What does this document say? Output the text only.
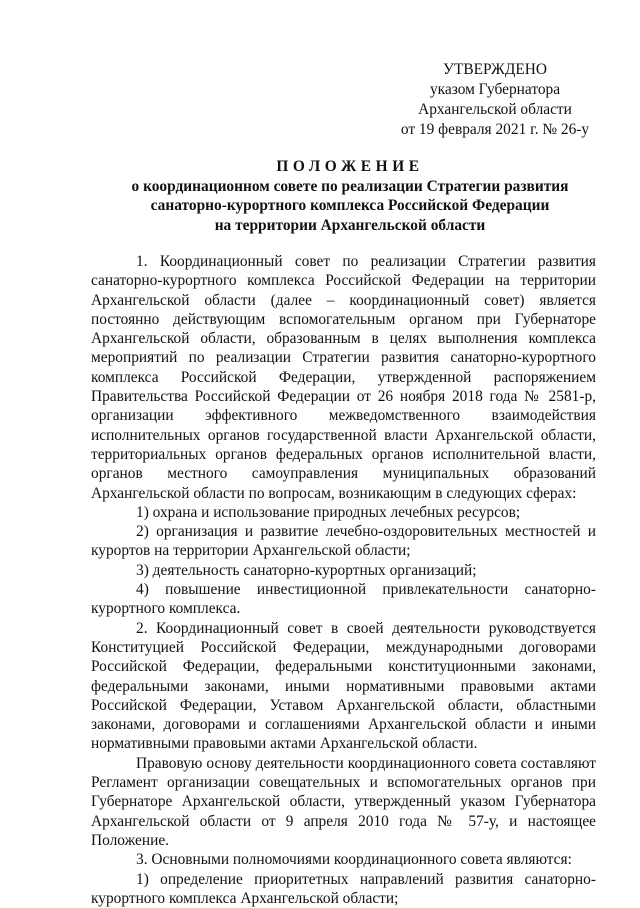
УТВЕРЖДЕНО
указом Губернатора
Архангельской области
от 19 февраля 2021 г. № 26-у
ПОЛОЖЕНИЕ
о координационном совете по реализации Стратегии развития
санаторно-курортного комплекса Российской Федерации
на территории Архангельской области

1. Координационный совет по реализации Стратегии развития санаторно-курортного комплекса Российской Федерации на территории Архангельской области (далее – координационный совет) является постоянно действующим вспомогательным органом при Губернаторе Архангельской области, образованным в целях выполнения комплекса мероприятий по реализации Стратегии развития санаторно-курортного комплекса Российской Федерации, утвержденной распоряжением Правительства Российской Федерации от 26 ноября 2018 года № 2581-р, организации эффективного межведомственного взаимодействия исполнительных органов государственной власти Архангельской области, территориальных органов федеральных органов исполнительной власти, органов местного самоуправления муниципальных образований Архангельской области по вопросам, возникающим в следующих сферах:

1) охрана и использование природных лечебных ресурсов;

2) организация и развитие лечебно-оздоровительных местностей и курортов на территории Архангельской области;

3) деятельность санаторно-курортных организаций;

4) повышение инвестиционной привлекательности санаторно-курортного комплекса.

2. Координационный совет в своей деятельности руководствуется Конституцией Российской Федерации, международными договорами Российской Федерации, федеральными конституционными законами, федеральными законами, иными нормативными правовыми актами Российской Федерации, Уставом Архангельской области, областными законами, договорами и соглашениями Архангельской области и иными нормативными правовыми актами Архангельской области.

Правовую основу деятельности координационного совета составляют Регламент организации совещательных и вспомогательных органов при Губернаторе Архангельской области, утвержденный указом Губернатора Архангельской области от 9 апреля 2010 года № 57-у, и настоящее Положение.

3. Основными полномочиями координационного совета являются:

1) определение приоритетных направлений развития санаторно-курортного комплекса Архангельской области;
